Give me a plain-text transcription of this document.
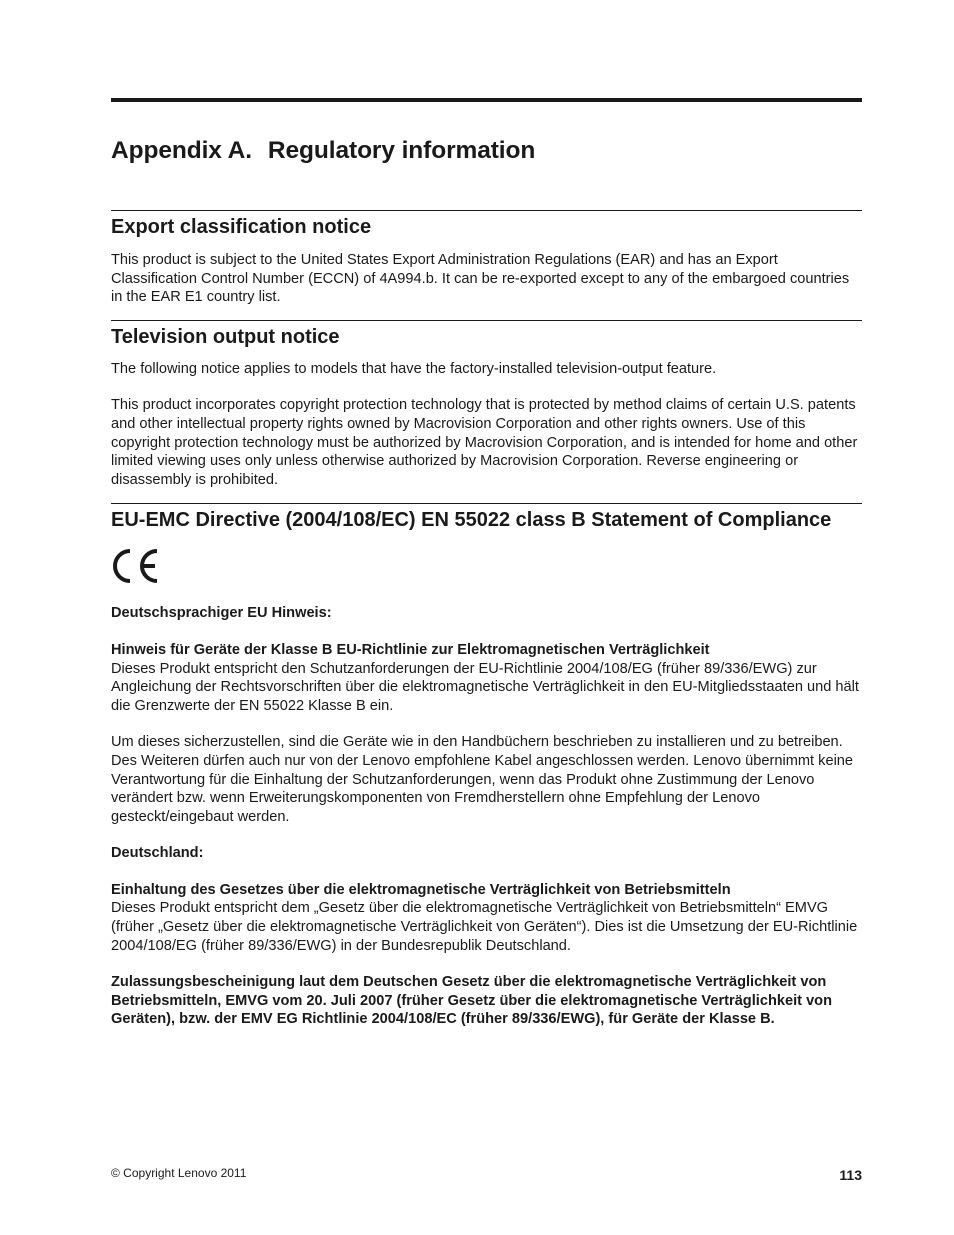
Appendix A. Regulatory information
Export classification notice

This product is subject to the United States Export Administration Regulations (EAR) and has an Export Classification Control Number (ECCN) of 4A994.b. It can be re-exported except to any of the embargoed countries in the EAR E1 country list.

Television output notice

The following notice applies to models that have the factory-installed television-output feature.

This product incorporates copyright protection technology that is protected by method claims of certain U.S. patents and other intellectual property rights owned by Macrovision Corporation and other rights owners. Use of this copyright protection technology must be authorized by Macrovision Corporation, and is intended for home and other limited viewing uses only unless otherwise authorized by Macrovision Corporation. Reverse engineering or disassembly is prohibited.

EU-EMC Directive (2004/108/EC) EN 55022 class B Statement of Compliance

Deutschsprachiger EU Hinweis:

Hinweis für Geräte der Klasse B EU-Richtlinie zur Elektromagnetischen Verträglichkeit

Dieses Produkt entspricht den Schutzanforderungen der EU-Richtlinie 2004/108/EG (früher 89/336/EWG) zur Angleichung der Rechtsvorschriften über die elektromagnetische Verträglichkeit in den EU-Mitgliedsstaaten und hält die Grenzwerte der EN 55022 Klasse B ein.

Um dieses sicherzustellen, sind die Geräte wie in den Handbüchern beschrieben zu installieren und zu betreiben. Des Weiteren dürfen auch nur von der Lenovo empfohlene Kabel angeschlossen werden. Lenovo übernimmt keine Verantwortung für die Einhaltung der Schutzanforderungen, wenn das Produkt ohne Zustimmung der Lenovo verändert bzw. wenn Erweiterungskomponenten von Fremdherstellern ohne Empfehlung der Lenovo gesteckt/eingebaut werden.

Deutschland:

Einhaltung des Gesetzes über die elektromagnetische Verträglichkeit von Betriebsmitteln

Dieses Produkt entspricht dem „Gesetz über die elektromagnetische Verträglichkeit von Betriebsmitteln“ EMVG (früher „Gesetz über die elektromagnetische Verträglichkeit von Geräten“). Dies ist die Umsetzung der EU-Richtlinie 2004/108/EG (früher 89/336/EWG) in der Bundesrepublik Deutschland.

Zulassungsbescheinigung laut dem Deutschen Gesetz über die elektromagnetische Verträglichkeit von Betriebsmitteln, EMVG vom 20. Juli 2007 (früher Gesetz über die elektromagnetische Verträglichkeit von Geräten), bzw. der EMV EG Richtlinie 2004/108/EC (früher 89/336/EWG), für Geräte der Klasse B.

© Copyright Lenovo 2011	113
